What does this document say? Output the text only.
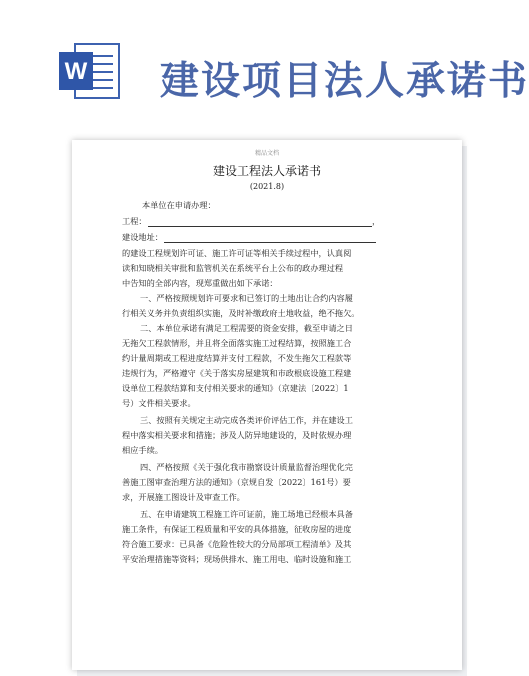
W 建设项目法人承诺书
精品文档
建设工程法人承诺书
(2021.8)
本单位在申请办理：
工程：	，
建设地址：
的建设工程规划许可证、施工许可证等相关手续过程中，认真阅
读和知晓相关审批和监管机关在系统平台上公布的政办理过程
中告知的全部内容，现郑重做出如下承诺：
一、严格按照规划许可要求和已签订的土地出让合约内容履
行相关义务并负责组织实施，及时补缴政府土地收益，绝不拖欠。
二、本单位承诺有满足工程需要的资金安排，截至申请之日
无拖欠工程款情形，并且将全面落实施工过程结算，按照施工合
约计量周期或工程进度结算并支付工程款，不发生拖欠工程款等
违规行为，严格遵守《关于落实房屋建筑和市政根底设施工程建
设单位工程款结算和支付相关要求的通知》（京建法〔2022〕1
号）文件相关要求。
三、按照有关规定主动完成各类评价评估工作，并在建设工
程中落实相关要求和措施；涉及人防异地建设的，及时依规办理
相应手续。
四、严格按照《关于强化我市勘察设计质量监督治理优化完
善施工图审查治理方法的通知》（京规自发〔2022〕161号）要
求，开展施工图设计及审查工作。
五、在申请建筑工程施工许可证前，施工场地已经根本具备
施工条件，有保证工程质量和平安的具体措施，征收房屋的进度
符合施工要求：已具备《危险性较大的分局部项工程清单》及其
平安治理措施等资料；现场供排水、施工用电、临时设施和施工
